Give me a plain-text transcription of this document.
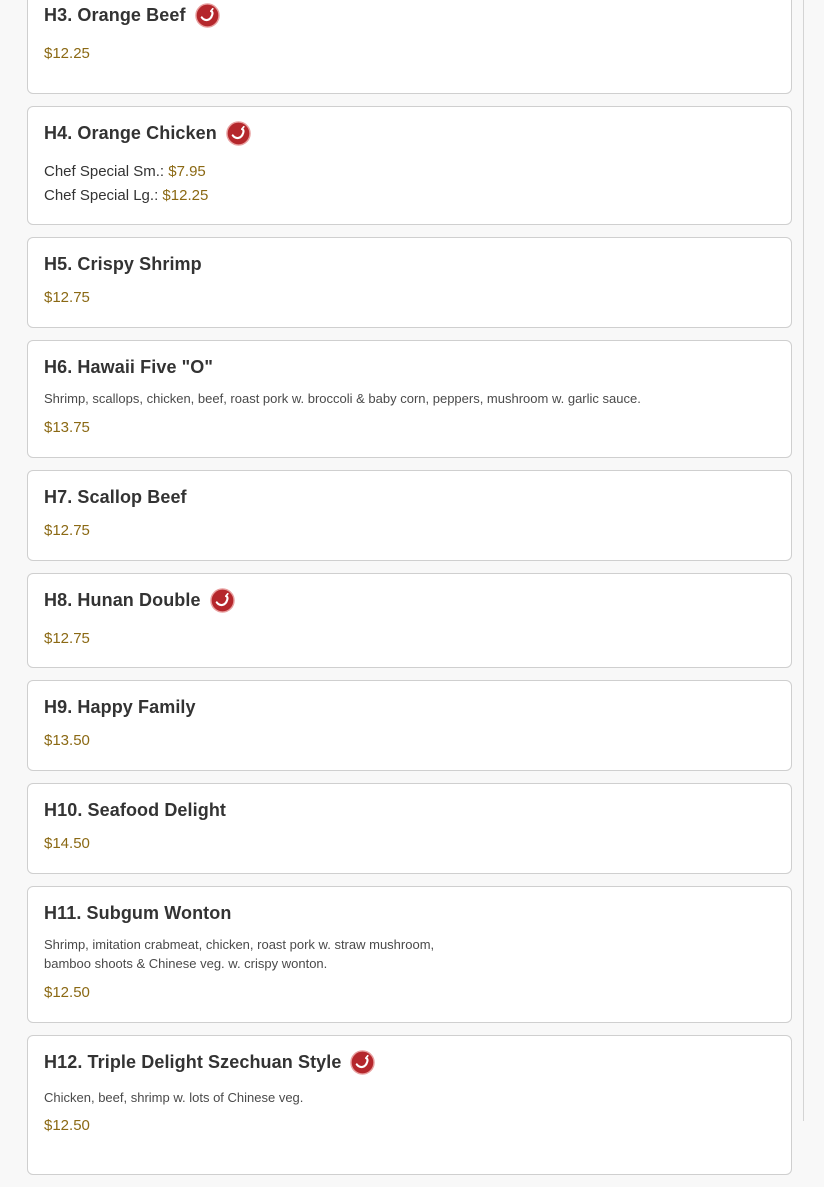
H3. Orange Beef
$12.25
H4. Orange Chicken
Chef Special Sm.: $7.95
Chef Special Lg.: $12.25
H5. Crispy Shrimp
$12.75
H6. Hawaii Five "O"
Shrimp, scallops, chicken, beef, roast pork w. broccoli & baby corn, peppers, mushroom w. garlic sauce.
$13.75
H7. Scallop Beef
$12.75
H8. Hunan Double
$12.75
H9. Happy Family
$13.50
H10. Seafood Delight
$14.50
H11. Subgum Wonton
Shrimp, imitation crabmeat, chicken, roast pork w. straw mushroom,
bamboo shoots & Chinese veg. w. crispy wonton.
$12.50
H12. Triple Delight Szechuan Style
Chicken, beef, shrimp w. lots of Chinese veg.
$12.50
